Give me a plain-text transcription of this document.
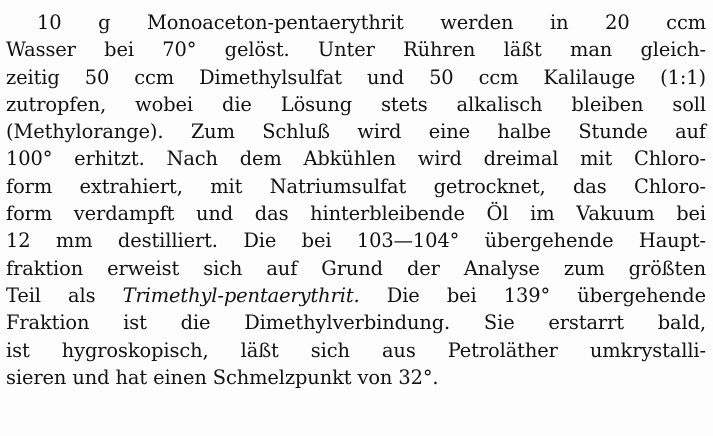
10 g Monoaceton-pentaerythrit werden in 20 ccm
Wasser bei 70° gelöst. Unter Rühren läßt man gleich-
zeitig 50 ccm Dimethylsulfat und 50 ccm Kalilauge (1:1)
zutropfen, wobei die Lösung stets alkalisch bleiben soll
(Methylorange). Zum Schluß wird eine halbe Stunde auf
100° erhitzt. Nach dem Abkühlen wird dreimal mit Chloro-
form extrahiert, mit Natriumsulfat getrocknet, das Chloro-
form verdampft und das hinterbleibende Öl im Vakuum bei
12 mm destilliert. Die bei 103—104° übergehende Haupt-
fraktion erweist sich auf Grund der Analyse zum größten
Teil als Trimethyl-pentaerythrit. Die bei 139° übergehende
Fraktion ist die Dimethylverbindung. Sie erstarrt bald,
ist hygroskopisch, läßt sich aus Petroläther umkrystalli-
sieren und hat einen Schmelzpunkt von 32°.
